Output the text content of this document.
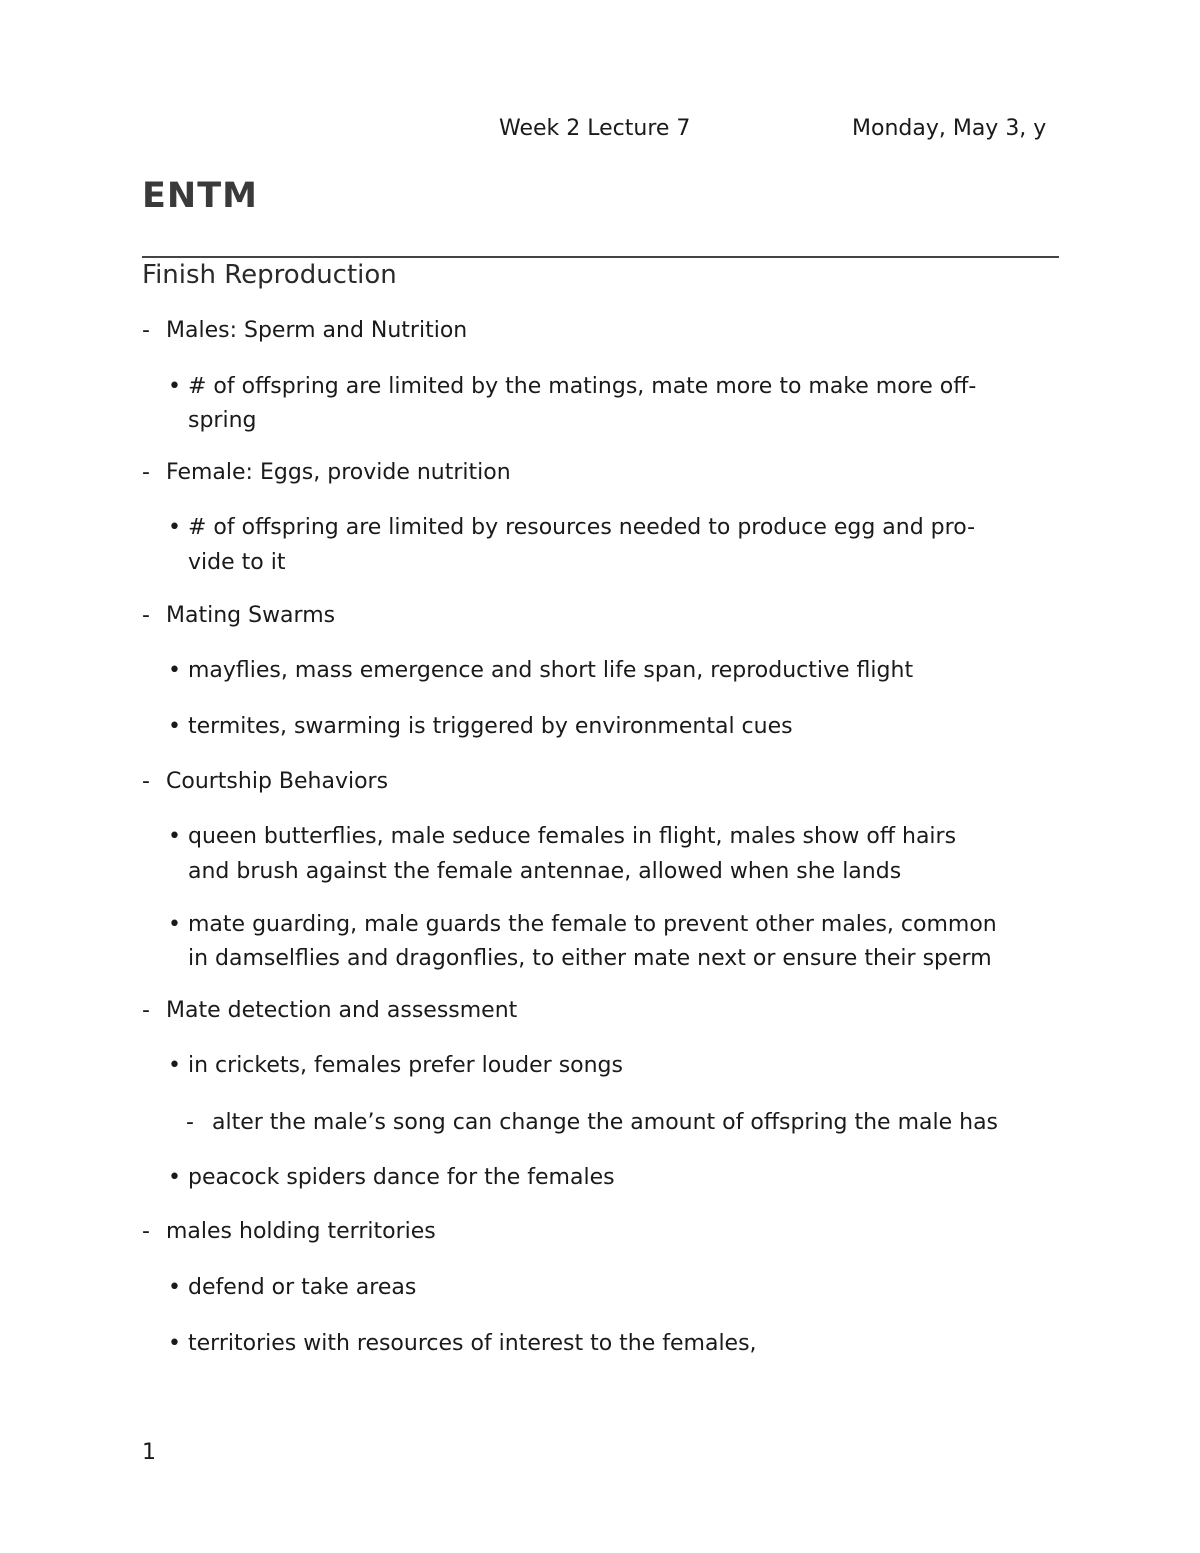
Week 2 Lecture 7	Monday, May 3, y
ENTM
Finish Reproduction
- Males: Sperm and Nutrition
• # of offspring are limited by the matings, mate more to make more off-
spring
- Female: Eggs, provide nutrition
• # of offspring are limited by resources needed to produce egg and pro-
vide to it
- Mating Swarms
• mayflies, mass emergence and short life span, reproductive flight
• termites, swarming is triggered by environmental cues
- Courtship Behaviors
• queen butterflies, male seduce females in flight, males show off hairs
and brush against the female antennae, allowed when she lands
• mate guarding, male guards the female to prevent other males, common
in damselflies and dragonflies, to either mate next or ensure their sperm
- Mate detection and assessment
• in crickets, females prefer louder songs
- alter the male’s song can change the amount of offspring the male has
• peacock spiders dance for the females
- males holding territories
• defend or take areas
• territories with resources of interest to the females,
1
